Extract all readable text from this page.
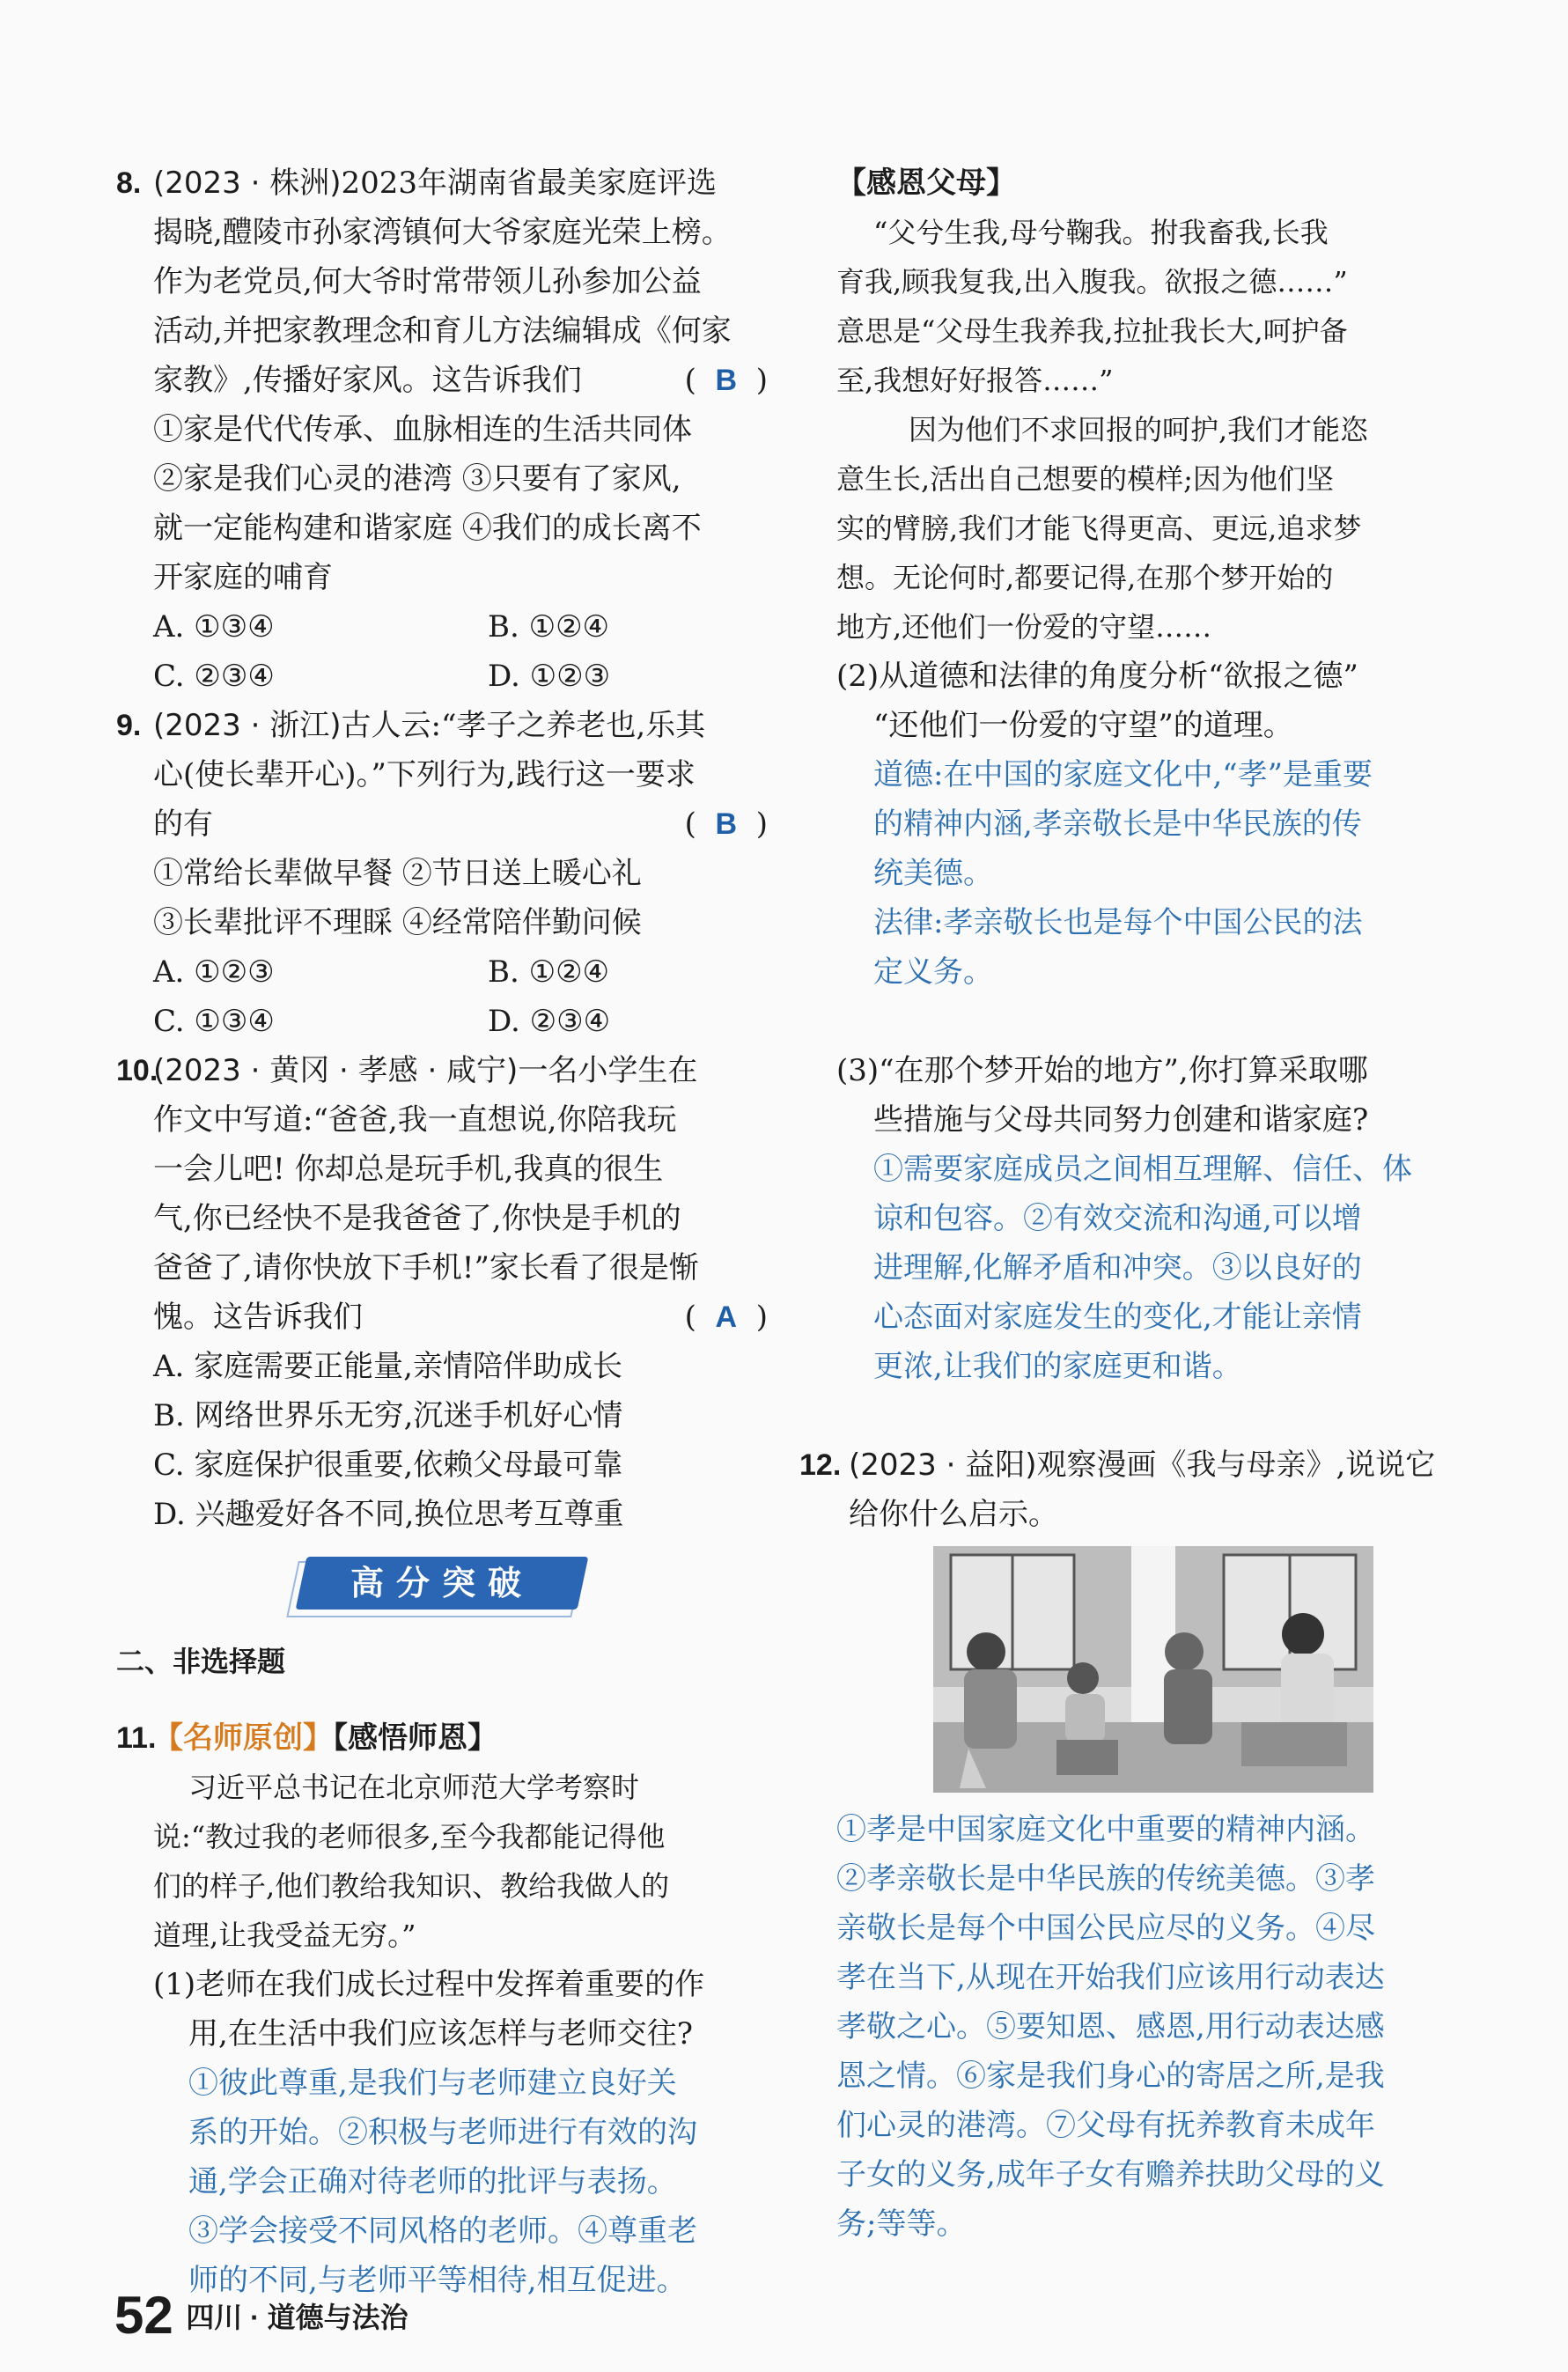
8. (2023 · 株洲)2023年湖南省最美家庭评选

揭晓,醴陵市孙家湾镇何大爷家庭光荣上榜。

作为老党员,何大爷时常带领儿孙参加公益

活动,并把家教理念和育儿方法编辑成《何家

家教》,传播好家风。这告诉我们	(  B  )

①家是代代传承、血脉相连的生活共同体

②家是我们心灵的港湾 ③只要有了家风,

就一定能构建和谐家庭 ④我们的成长离不

开家庭的哺育

A. ①③④	B. ①②④
C. ②③④	D. ①②③
9. (2023 · 浙江)古人云:“孝子之养老也,乐其

心(使长辈开心)。”下列行为,践行这一要求

的有	(  B  )

①常给长辈做早餐 ②节日送上暖心礼

③长辈批评不理睬 ④经常陪伴勤问候

A. ①②③	B. ①②④
C. ①③④	D. ②③④
10.

(2023 · 黄冈 · 孝感 · 咸宁)一名小学生在

作文中写道:“爸爸,我一直想说,你陪我玩

一会儿吧! 你却总是玩手机,我真的很生

气,你已经快不是我爸爸了,你快是手机的

爸爸了,请你快放下手机!”家长看了很是惭

愧。这告诉我们	(  A  )

A. 家庭需要正能量,亲情陪伴助成长

B. 网络世界乐无穷,沉迷手机好心情

C. 家庭保护很重要,依赖父母最可靠

D. 兴趣爱好各不同,换位思考互尊重

高分突破

二、非选择题

11.

【名师原创】【感悟师恩】

习近平总书记在北京师范大学考察时

说:“教过我的老师很多,至今我都能记得他

们的样子,他们教给我知识、教给我做人的

道理,让我受益无穷。”

(1)老师在我们成长过程中发挥着重要的作

用,在生活中我们应该怎样与老师交往?

①彼此尊重,是我们与老师建立良好关

系的开始。②积极与老师进行有效的沟

通,学会正确对待老师的批评与表扬。

③学会接受不同风格的老师。④尊重老

师的不同,与老师平等相待,相互促进。

【感恩父母】

“父兮生我,母兮鞠我。拊我畜我,长我

育我,顾我复我,出入腹我。欲报之德……”

意思是“父母生我养我,拉扯我长大,呵护备

至,我想好好报答……”

因为他们不求回报的呵护,我们才能恣

意生长,活出自己想要的模样;因为他们坚

实的臂膀,我们才能飞得更高、更远,追求梦

想。无论何时,都要记得,在那个梦开始的

地方,还他们一份爱的守望……

(2)从道德和法律的角度分析“欲报之德”

“还他们一份爱的守望”的道理。

道德:在中国的家庭文化中,“孝”是重要

的精神内涵,孝亲敬长是中华民族的传

统美德。

法律:孝亲敬长也是每个中国公民的法

定义务。

(3)“在那个梦开始的地方”,你打算采取哪

些措施与父母共同努力创建和谐家庭?

①需要家庭成员之间相互理解、信任、体

谅和包容。②有效交流和沟通,可以增

进理解,化解矛盾和冲突。③以良好的

心态面对家庭发生的变化,才能让亲情

更浓,让我们的家庭更和谐。

12. (2023 · 益阳)观察漫画《我与母亲》,说说它

给你什么启示。

①孝是中国家庭文化中重要的精神内涵。

②孝亲敬长是中华民族的传统美德。③孝

亲敬长是每个中国公民应尽的义务。④尽

孝在当下,从现在开始我们应该用行动表达

孝敬之心。⑤要知恩、感恩,用行动表达感

恩之情。⑥家是我们身心的寄居之所,是我

们心灵的港湾。⑦父母有抚养教育未成年

子女的义务,成年子女有赡养扶助父母的义

务;等等。

52 四川 · 道德与法治
